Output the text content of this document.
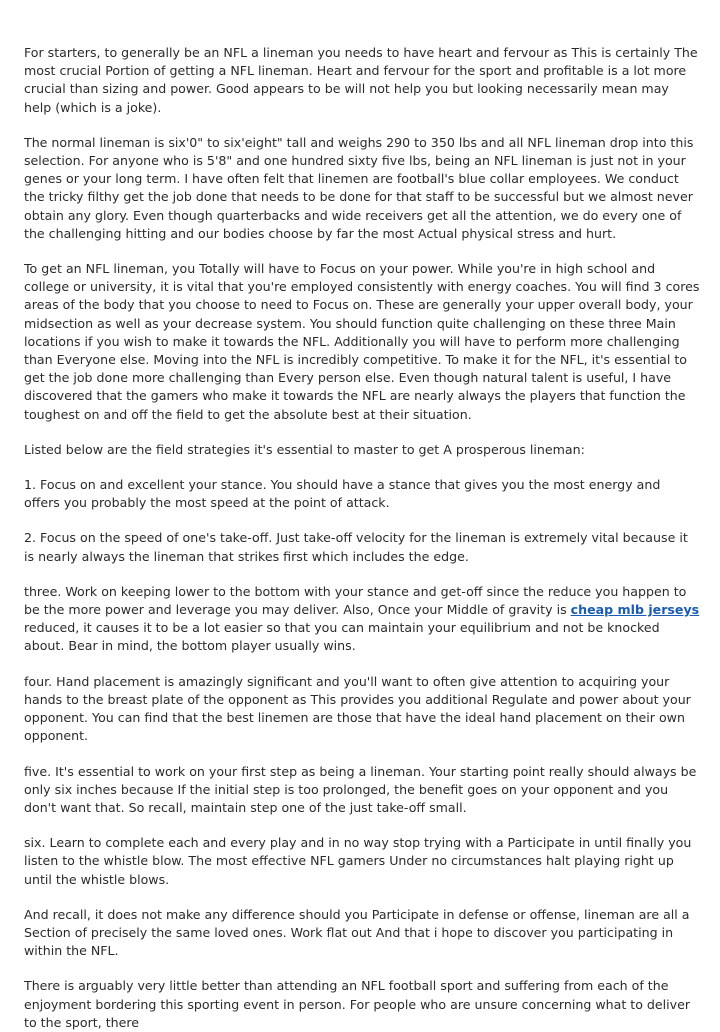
For starters, to generally be an NFL a lineman you needs to have heart and fervour as This is certainly The most crucial Portion of getting a NFL lineman. Heart and fervour for the sport and profitable is a lot more crucial than sizing and power. Good appears to be will not help you but looking necessarily mean may help (which is a joke).

The normal lineman is six'0" to six'eight" tall and weighs 290 to 350 lbs and all NFL lineman drop into this selection. For anyone who is 5'8" and one hundred sixty five lbs, being an NFL lineman is just not in your genes or your long term. I have often felt that linemen are football's blue collar employees. We conduct the tricky filthy get the job done that needs to be done for that staff to be successful but we almost never obtain any glory. Even though quarterbacks and wide receivers get all the attention, we do every one of the challenging hitting and our bodies choose by far the most Actual physical stress and hurt.

To get an NFL lineman, you Totally will have to Focus on your power. While you're in high school and college or university, it is vital that you're employed consistently with energy coaches. You will find 3 cores areas of the body that you choose to need to Focus on. These are generally your upper overall body, your midsection as well as your decrease system. You should function quite challenging on these three Main locations if you wish to make it towards the NFL. Additionally you will have to perform more challenging than Everyone else. Moving into the NFL is incredibly competitive. To make it for the NFL, it's essential to get the job done more challenging than Every person else. Even though natural talent is useful, I have discovered that the gamers who make it towards the NFL are nearly always the players that function the toughest on and off the field to get the absolute best at their situation.

Listed below are the field strategies it's essential to master to get A prosperous lineman:

1. Focus on and excellent your stance. You should have a stance that gives you the most energy and offers you probably the most speed at the point of attack.

2. Focus on the speed of one's take-off. Just take-off velocity for the lineman is extremely vital because it is nearly always the lineman that strikes first which includes the edge.

three. Work on keeping lower to the bottom with your stance and get-off since the reduce you happen to be the more power and leverage you may deliver. Also, Once your Middle of gravity is cheap mlb jerseys reduced, it causes it to be a lot easier so that you can maintain your equilibrium and not be knocked about. Bear in mind, the bottom player usually wins.

four. Hand placement is amazingly significant and you'll want to often give attention to acquiring your hands to the breast plate of the opponent as This provides you additional Regulate and power about your opponent. You can find that the best linemen are those that have the ideal hand placement on their own opponent.

five. It's essential to work on your first step as being a lineman. Your starting point really should always be only six inches because If the initial step is too prolonged, the benefit goes on your opponent and you don't want that. So recall, maintain step one of the just take-off small.

six. Learn to complete each and every play and in no way stop trying with a Participate in until finally you listen to the whistle blow. The most effective NFL gamers Under no circumstances halt playing right up until the whistle blows.

And recall, it does not make any difference should you Participate in defense or offense, lineman are all a Section of precisely the same loved ones. Work flat out And that i hope to discover you participating in within the NFL.

There is arguably very little better than attending an NFL football sport and suffering from each of the enjoyment bordering this sporting event in person. For people who are unsure concerning what to deliver to the sport, there
